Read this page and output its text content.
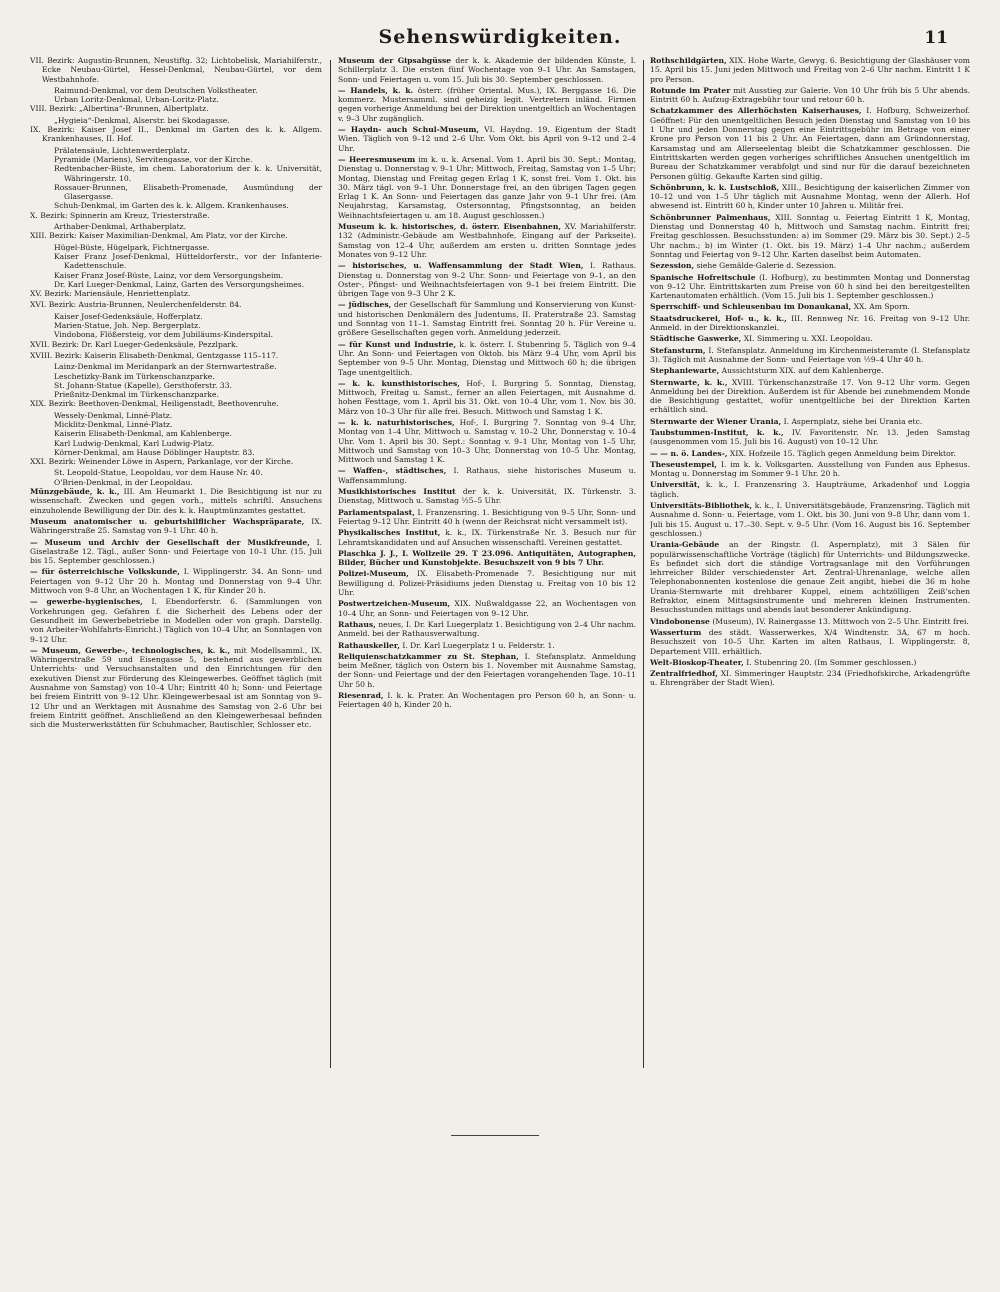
Sehenswürdigkeiten.	11
VII. Bezirk: Augustin-Brunnen, Neustiftg. 32; Lichtobelisk, Mariahilferstr., Ecke Neubau-Gürtel, Hessel-Denkmal, Neubau-Gürtel, vor dem Westbahnhofe.
Raimund-Denkmal, vor dem Deutschen Volkstheater.
Urban Loritz-Denkmal, Urban-Loritz-Platz.
VIII. Bezirk: „Albertina“-Brunnen, Albertplatz.
„Hygieia“-Denkmal, Alserstr. bei Skodagasse.
IX. Bezirk: Kaiser Josef II., Denkmal im Garten des k. k. Allgem. Krankenhauses, II. Hof.
Prälatensäule, Lichtenwerderplatz.
Pyramide (Mariens), Servitengasse, vor der Kirche.
Redtenbacher-Büste, im chem. Laboratorium der k. k. Universität, Währingerstr. 10.
Rossauer-Brunnen, Elisabeth-Promenade, Ausmündung der Glasergasse.
Schuh-Denkmal, im Garten des k. k. Allgem. Krankenhauses.
X. Bezirk: Spinnerin am Kreuz, Triesterstraße.
Arthaber-Denkmal, Arthaberplatz.
XIII. Bezirk: Kaiser Maximilian-Denkmal, Am Platz, vor der Kirche.
Hügel-Büste, Hügelpark, Fichtnergasse.
Kaiser Franz Josef-Denkmal, Hütteldorferstr., vor der Infanterie-Kadettenschule.
Kaiser Franz Josef-Büste, Lainz, vor dem Versorgungsheim.
Dr. Karl Lueger-Denkmal, Lainz, Garten des Versorgungsheimes.
XV. Bezirk: Mariensäule, Henriettenplatz.
XVI. Bezirk: Austria-Brunnen, Neulerchenfelderstr. 84.
Kaiser Josef-Gedenksäule, Hofferplatz.
Marien-Statue, Joh. Nep. Bergerplatz.
Vindobona, Flößersteig, vor dem Jubiläums-Kinderspital.
XVII. Bezirk: Dr. Karl Lueger-Gedenksäule, Pezzlpark.
XVIII. Bezirk: Kaiserin Elisabeth-Denkmal, Gentzgasse 115–117.
Lainz-Denkmal im Meridanpark an der Sternwartestraße.
Leschetizky-Bank im Türkenschanzparke.
St. Johann-Statue (Kapelle), Gersthoferstr. 33.
Prießnitz-Denkmal im Türkenschanzparke.
XIX. Bezirk: Beethoven-Denkmal, Heiligenstadt, Beethovenruhe.
Wessely-Denkmal, Linné-Platz.
Micklitz-Denkmal, Linné-Platz.
Kaiserin Elisabeth-Denkmal, am Kahlenberge.
Karl Ludwig-Denkmal, Karl Ludwig-Platz.
Körner-Denkmal, am Hause Döblinger Hauptstr. 83.
XXI. Bezirk: Weinender Löwe in Aspern, Parkanlage, vor der Kirche.
St. Leopold-Statue, Leopoldau, vor dem Hause Nr. 40.
O'Brien-Denkmal, in der Leopoldau.
Münzgebäude, k. k., III. Am Heumarkt 1. Die Besichtigung ist nur zu wissenschaft. Zwecken und gegen vorh., mittels schriftl. Ansuchens einzuholende Bewilligung der Dir. des k. k. Hauptmünzamtes gestattet.
Museum anatomischer u. geburtshilflicher Wachspräparate, IX. Währingerstraße 25. Samstag von 9–1 Uhr. 40 h.
— Museum und Archiv der Gesellschaft der Musikfreunde, I. Giselastraße 12. Tägl., außer Sonn- und Feiertage von 10–1 Uhr. (15. Juli bis 15. September geschlossen.)
— für österreichische Volkskunde, I. Wipplingerstr. 34. An Sonn- und Feiertagen von 9–12 Uhr 20 h. Montag und Donnerstag von 9–4 Uhr. Mittwoch von 9–8 Uhr, an Wochentagen 1 K, für Kinder 20 h.
— gewerbe-hygienisches, I. Ebendorferstr. 6. (Sammlungen von Vorkehrungen geg. Gefahren f. die Sicherheit des Lebens oder der Gesundheit im Gewerbebetriebe in Modellen oder von graph. Darstellg. von Arbeiter-Wohlfahrts-Einricht.) Täglich von 10–4 Uhr, an Sonntagen von 9–12 Uhr.
— Museum, Gewerbe-, technologisches, k. k., mit Modellsamml., IX. Währingerstraße 59 und Eisengasse 5, bestehend aus gewerblichen Unterrichts- und Versuchsanstalten und den Einrichtungen für den exekutiven Dienst zur Förderung des Kleingewerbes. Geöffnet täglich (mit Ausnahme von Samstag) von 10–4 Uhr; Eintritt 40 h; Sonn- und Feiertage bei freiem Eintritt von 9–12 Uhr. Kleingewerbesaal ist am Sonntag von 9–12 Uhr und an Werktagen mit Ausnahme des Samstag von 2–6 Uhr bei freiem Eintritt geöffnet. Anschließend an den Kleingewerbesaal befinden sich die Musterwerkstätten für Schuhmacher, Bautischler, Schlosser etc.
Museum der Gipsabgüsse der k. k. Akademie der bildenden Künste, I. Schillerplatz 3. Die ersten fünf Wochentage von 9–1 Uhr. An Samstagen, Sonn- und Feiertagen u. vom 15. Juli bis 30. September geschlossen.
— Handels, k. k. österr. (früher Oriental. Mus.), IX. Berggasse 16. Die kommerz. Mustersamml. sind geheizig legit. Vertretern inländ. Firmen gegen vorherige Anmeldung bei der Direktion unentgeltlich an Wochentagen v. 9–3 Uhr zugänglich.
— Haydn- auch Schul-Museum, VI. Haydng. 19. Eigentum der Stadt Wien. Täglich von 9–12 und 2–6 Uhr. Vom Okt. bis April von 9–12 und 2–4 Uhr.
— Heeresmuseum im k. u. k. Arsenal. Vom 1. April bis 30. Sept.: Montag, Dienstag u. Donnerstag v. 9–1 Uhr; Mittwoch, Freitag, Samstag von 1–5 Uhr; Montag, Dienstag und Freitag gegen Erlag 1 K, sonst frei. Vom 1. Okt. bis 30. März tägl. von 9–1 Uhr. Donnerstage frei, an den übrigen Tagen gegen Erlag 1 K. An Sonn- und Feiertagen das ganze Jahr von 9–1 Uhr frei. (Am Neujahrstag, Karsamstag, Ostersonntag, Pfingstsonntag, an beiden Weihnachtsfeiertagen u. am 18. August geschlossen.)
Museum k. k. historisches, d. österr. Eisenbahnen, XV. Mariahilferstr. 132 (Administr.-Gebäude am Westbahnhofe, Eingang auf der Parkseite). Samstag von 12–4 Uhr, außerdem am ersten u. dritten Sonntage jedes Monates von 9–12 Uhr.
— historisches, u. Waffensammlung der Stadt Wien, I. Rathaus. Dienstag u. Donnerstag von 9–2 Uhr. Sonn- und Feiertage von 9–1, an den Oster-, Pfingst- und Weihnachtsfeiertagen von 9–1 bei freiem Eintritt. Die übrigen Tage von 9–3 Uhr 2 K.
— jüdisches, der Gesellschaft für Sammlung und Konservierung von Kunst- und historischen Denkmälern des Judentums, II. Praterstraße 23. Samstag und Sonntag von 11–1. Samstag Eintritt frei. Sonntag 20 h. Für Vereine u. größere Gesellschaften gegen vorh. Anmeldung jederzeit.
— für Kunst und Industrie, k. k. österr. I. Stubenring 5. Täglich von 9–4 Uhr. An Sonn- und Feiertagen von Oktob. bis März 9–4 Uhr, vom April bis September von 9–5 Uhr. Montag, Dienstag und Mittwoch 60 h; die übrigen Tage unentgeltlich.
— k. k. kunsthistorisches, Hof-, I. Burgring 5. Sonntag, Dienstag, Mittwoch, Freitag u. Samst., ferner an allen Feiertagen, mit Ausnahme d. hohen Festtage, vom 1. April bis 31. Okt. von 10–4 Uhr, vom 1. Nov. bis 30. März von 10–3 Uhr für alle frei. Besuch. Mittwoch und Samstag 1 K.
— k. k. naturhistorisches, Hof-, I. Burgring 7. Sonntag von 9–4 Uhr, Montag von 1–4 Uhr, Mittwoch u. Samstag v. 10–2 Uhr, Donnerstag v. 10–4 Uhr. Vom 1. April bis 30. Sept.: Sonntag v. 9–1 Uhr, Montag von 1–5 Uhr, Mittwoch und Samstag von 10–3 Uhr, Donnerstag von 10–5 Uhr. Montag, Mittwoch und Samstag 1 K.
— Waffen-, städtisches, I. Rathaus, siehe historisches Museum u. Waffensammlung.
Musikhistorisches Institut der k. k. Universität, IX. Türkenstr. 3. Dienstag, Mittwoch u. Samstag ½5–5 Uhr.
Parlamentspalast, I. Franzensring. 1. Besichtigung von 9–5 Uhr, Sonn- und Feiertag 9–12 Uhr. Eintritt 40 h (wenn der Reichsrat nicht versammelt ist).
Physikalisches Institut, k. k., IX. Türkenstraße Nr. 3. Besuch nur für Lehramtskandidaten und auf Ansuchen wissenschaftl. Vereinen gestattet.
Plaschka J. J., I. Wollzeile 29. T 23.096. Antiquitäten, Autographen, Bilder, Bücher und Kunstobjekte. Besuchszeit von 9 bis 7 Uhr.
Polizei-Museum, IX. Elisabeth-Promenade 7. Besichtigung nur mit Bewilligung d. Polizei-Präsidiums jeden Dienstag u. Freitag von 10 bis 12 Uhr.
Postwertzeichen-Museum, XIX. Nußwaldgasse 22, an Wochentagen von 10–4 Uhr, an Sonn- und Feiertagen von 9–12 Uhr.
Rathaus, neues, I. Dr. Karl Luegerplatz 1. Besichtigung von 2–4 Uhr nachm. Anmeld. bei der Rathausverwaltung.
Rathauskeller, I. Dr. Karl Luegerplatz 1 u. Felderstr. 1.
Reliquienschatzkammer zu St. Stephan, I. Stefansplatz. Anmeldung beim Meßner, täglich von Ostern bis 1. November mit Ausnahme Samstag, der Sonn- und Feiertage und der den Feiertagen vorangehenden Tage. 10–11 Uhr 50 h.
Riesenrad, I. k. k. Prater. An Wochentagen pro Person 60 h, an Sonn- u. Feiertagen 40 h, Kinder 20 h.
Rothschildgärten, XIX. Hohe Warte, Gewyg. 6. Besichtigung der Glashäuser vom 15. April bis 15. Juni jeden Mittwoch und Freitag von 2–6 Uhr nachm. Eintritt 1 K pro Person.
Rotunde im Prater mit Ausstieg zur Galerie. Von 10 Uhr früh bis 5 Uhr abends. Eintritt 60 h. Aufzug-Extragebühr tour und retour 60 h.
Schatzkammer des Allerhöchsten Kaiserhauses, I. Hofburg, Schweizerhof. Geöffnet: Für den unentgeltlichen Besuch jeden Dienstag und Samstag von 10 bis 1 Uhr und jeden Donnerstag gegen eine Eintrittsgebühr im Betrage von einer Krone pro Person von 11 bis 2 Uhr. An Feiertagen, dann am Gründonnerstag, Karsamstag und am Allerseelentag bleibt die Schatzkammer geschlossen. Die Eintrittskarten werden gegen vorheriges schriftliches Ansuchen unentgeltlich im Bureau der Schatzkammer verabfolgt und sind nur für die darauf bezeichneten Personen gültig. Gekaufte Karten sind giltig.
Schönbrunn, k. k. Lustschloß, XIII., Besichtigung der kaiserlichen Zimmer von 10–12 und von 1–5 Uhr täglich mit Ausnahme Montag, wenn der Allerh. Hof abwesend ist. Eintritt 60 h, Kinder unter 10 Jahren u. Militär frei.
Schönbrunner Palmenhaus, XIII. Sonntag u. Feiertag Eintritt 1 K, Montag, Dienstag und Donnerstag 40 h, Mittwoch und Samstag nachm. Eintritt frei; Freitag geschlossen. Besuchsstunden: a) im Sommer (29. März bis 30. Sept.) 2–5 Uhr nachm.; b) im Winter (1. Okt. bis 19. März) 1–4 Uhr nachm.; außerdem Sonntag und Feiertag von 9–12 Uhr. Karten daselbst beim Automaten.
Sezession, siehe Gemälde-Galerie d. Sezession.
Spanische Hofreitschule (I. Hofburg), zu bestimmten Montag und Donnerstag von 9–12 Uhr. Eintrittskarten zum Preise von 60 h sind bei den bereitgestellten Kartenautomaten erhältlich. (Vom 15. Juli bis 1. September geschlossen.)
Sperrschiff- und Schleusenbau im Donaukanal, XX. Am Sporn.
Staatsdruckerei, Hof- u., k. k., III. Rennweg Nr. 16. Freitag von 9–12 Uhr. Anmeld. in der Direktionskanzlei.
Städtische Gaswerke, XI. Simmering u. XXI. Leopoldau.
Stefansturm, I. Stefansplatz. Anmeldung im Kirchenmeisteramte (I. Stefansplatz 3). Täglich mit Ausnahme der Sonn- und Feiertage von ½9–4 Uhr 40 h.
Stephaniewarte, Aussichtsturm XIX. auf dem Kahlenberge.
Sternwarte, k. k., XVIII. Türkenschanzstraße 17. Von 9–12 Uhr vorm. Gegen Anmeldung bei der Direktion. Außerdem ist für Abende bei zunehmendem Monde die Besichtigung gestattet, wofür unentgeltliche bei der Direktion Karten erhältlich sind.
Sternwarte der Wiener Urania, I. Aspernplatz, siehe bei Urania etc.
Taubstummen-Institut, k. k., IV. Favoritenstr. Nr. 13. Jeden Samstag (ausgenommen vom 15. Juli bis 16. August) von 10–12 Uhr.
— — n. ö. Landes-, XIX. Hofzeile 15. Täglich gegen Anmeldung beim Direktor.
Theseustempel, I. im k. k. Volksgarten. Ausstellung von Funden aus Ephesus. Montag u. Donnerstag im Sommer 9–1 Uhr. 20 h.
Universität, k. k., I. Franzensring 3. Haupträume, Arkadenhof und Loggia täglich.
Universitäts-Bibliothek, k. k., I. Universitätsgebäude, Franzensring. Täglich mit Ausnahme d. Sonn- u. Feiertage, vom 1. Okt. bis 30. Juni von 9–8 Uhr, dann vom 1. Juli bis 15. August u. 17.–30. Sept. v. 9–5 Uhr. (Vom 16. August bis 16. September geschlossen.)
Urania-Gebäude an der Ringstr. (I. Aspernplatz), mit 3 Sälen für populärwissenschaftliche Vorträge (täglich) für Unterrichts- und Bildungszwecke. Es befindet sich dort die ständige Vortragsanlage mit den Vorführungen lehrreicher Bilder verschiedenster Art. Zentral-Uhrenanlage, welche allen Telephonabonnenten kostenlose die genaue Zeit angibt, hiebei die 36 m hohe Urania-Sternwarte mit drehbarer Kuppel, einem achtzölligen Zeiß'schen Refraktor, einem Mittagsinstrumente und mehreren kleinen Instrumenten. Besuchsstunden mittags und abends laut besonderer Ankündigung.
Vindobonense (Museum), IV. Rainergasse 13. Mittwoch von 2–5 Uhr. Eintritt frei.
Wasserturm des städt. Wasserwerkes, X/4 Windtenstr. 3A, 67 m hoch. Besuchszeit von 10–5 Uhr. Karten im alten Rathaus, I. Wipplingerstr. 8, Departement VIII. erhältlich.
Welt-Bioskop-Theater, I. Stubenring 20. (Im Sommer geschlossen.)
Zentralfriedhof, XI. Simmeringer Hauptstr. 234 (Friedhofskirche, Arkadengrüfte u. Ehrengräber der Stadt Wien).
